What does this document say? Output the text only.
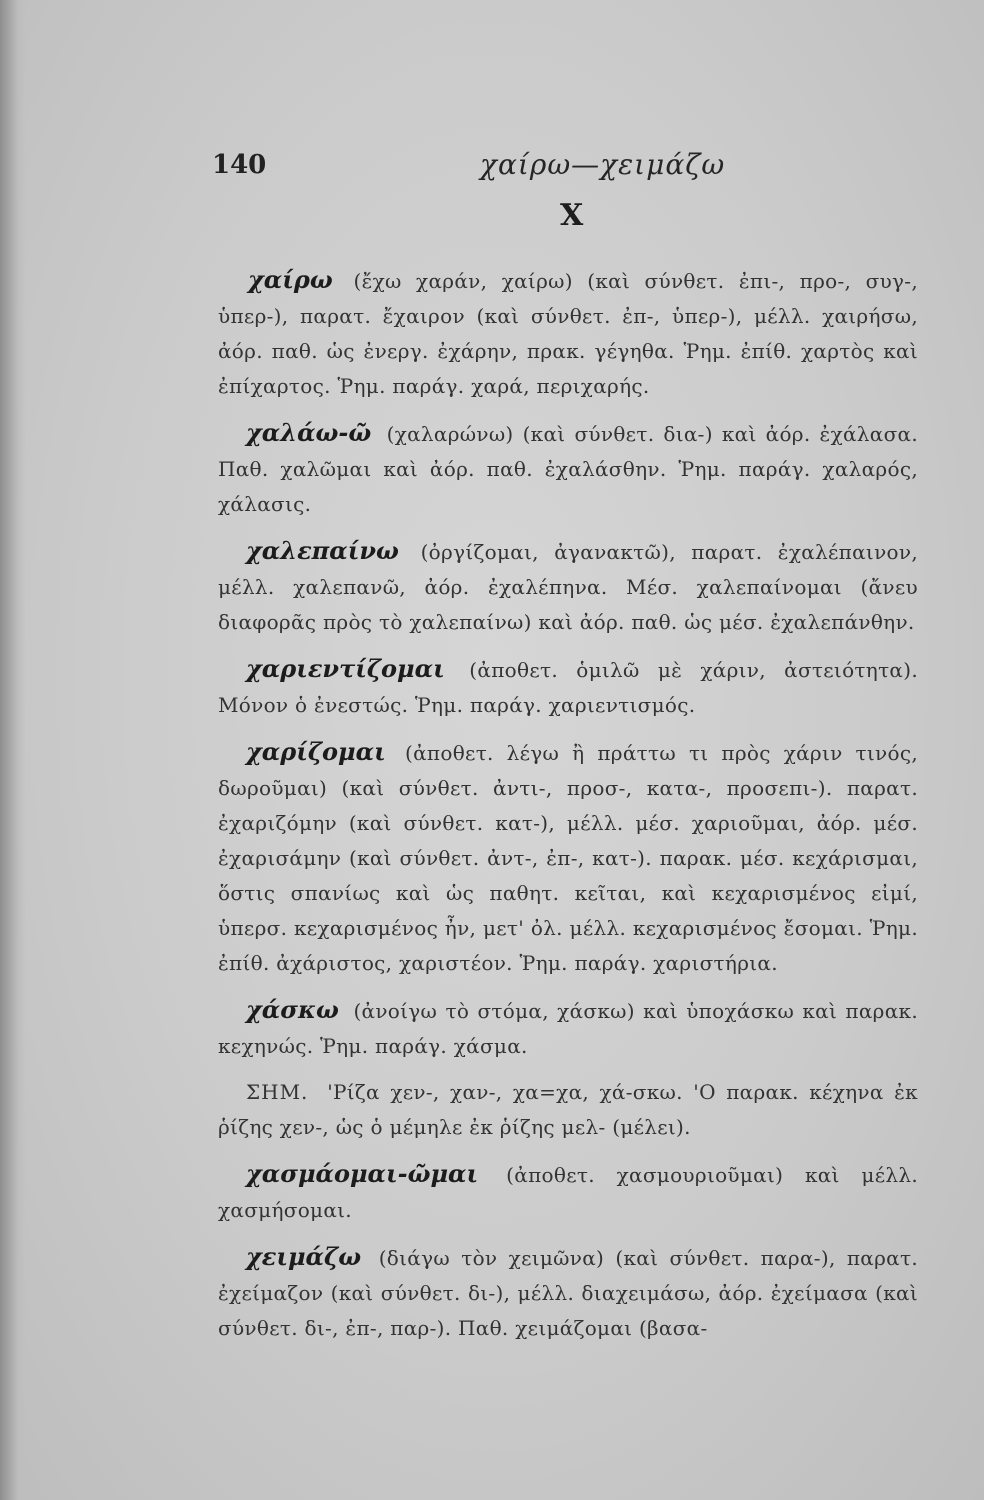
140	χαίρω—χειμάζω
Χ

χαίρω (ἔχω χαράν, χαίρω) (καὶ σύνθετ. ἐπι-, προ-, συγ-, ὑπερ-), παρατ. ἔχαιρον (καὶ σύνθετ. ἐπ-, ὑπερ-), μέλλ. χαιρήσω, ἀόρ. παθ. ὡς ἐνεργ. ἐχάρην, πρακ. γέγηθα. Ῥημ. ἐπίθ. χαρτὸς καὶ ἐπίχαρτος. Ῥημ. παράγ. χαρά, περιχαρής.

χαλάω-ῶ (χαλαρώνω) (καὶ σύνθετ. δια-) καὶ ἀόρ. ἐχάλασα. Παθ. χαλῶμαι καὶ ἀόρ. παθ. ἐχαλάσθην. Ῥημ. παράγ. χαλαρός, χάλασις.

χαλεπαίνω (ὀργίζομαι, ἀγανακτῶ), παρατ. ἐχαλέπαινον, μέλλ. χαλεπανῶ, ἀόρ. ἐχαλέπηνα. Μέσ. χαλεπαίνομαι (ἄνευ διαφορᾶς πρὸς τὸ χαλεπαίνω) καὶ ἀόρ. παθ. ὡς μέσ. ἐχαλεπάνθην.

χαριεντίζομαι (ἀποθετ. ὁμιλῶ μὲ χάριν, ἀστειότητα). Μόνον ὁ ἐνεστώς. Ῥημ. παράγ. χαριεντισμός.

χαρίζομαι (ἀποθετ. λέγω ἢ πράττω τι πρὸς χάριν τινός, δωροῦμαι) (καὶ σύνθετ. ἀντι-, προσ-, κατα-, προσεπι-). παρατ. ἐχαριζόμην (καὶ σύνθετ. κατ-), μέλλ. μέσ. χαριοῦμαι, ἀόρ. μέσ. ἐχαρισάμην (καὶ σύνθετ. ἀντ-, ἐπ-, κατ-). παρακ. μέσ. κεχάρισμαι, ὅστις σπανίως καὶ ὡς παθητ. κεῖται, καὶ κεχαρισμένος εἰμί, ὑπερσ. κεχαρισμένος ἦν, μετ' ὀλ. μέλλ. κεχαρισμένος ἔσομαι. Ῥημ. ἐπίθ. ἀχάριστος, χαριστέον. Ῥημ. παράγ. χαριστήρια.

χάσκω (ἀνοίγω τὸ στόμα, χάσκω) καὶ ὑποχάσκω καὶ παρακ. κεχηνώς. Ῥημ. παράγ. χάσμα.

ΣΗΜ. 'Ρίζα χεν-, χαν-, χα=χα, χά-σκω. 'Ο παρακ. κέχηνα ἐκ ῥίζης χεν-, ὡς ὁ μέμηλε ἐκ ῥίζης μελ- (μέλει).

χασμάομαι-ῶμαι (ἀποθετ. χασμουριοῦμαι) καὶ μέλλ. χασμήσομαι.

χειμάζω (διάγω τὸν χειμῶνα) (καὶ σύνθετ. παρα-), παρατ. ἐχείμαζον (καὶ σύνθετ. δι-), μέλλ. διαχειμάσω, ἀόρ. ἐχείμασα (καὶ σύνθετ. δι-, ἐπ-, παρ-). Παθ. χειμάζομαι (βασα-
